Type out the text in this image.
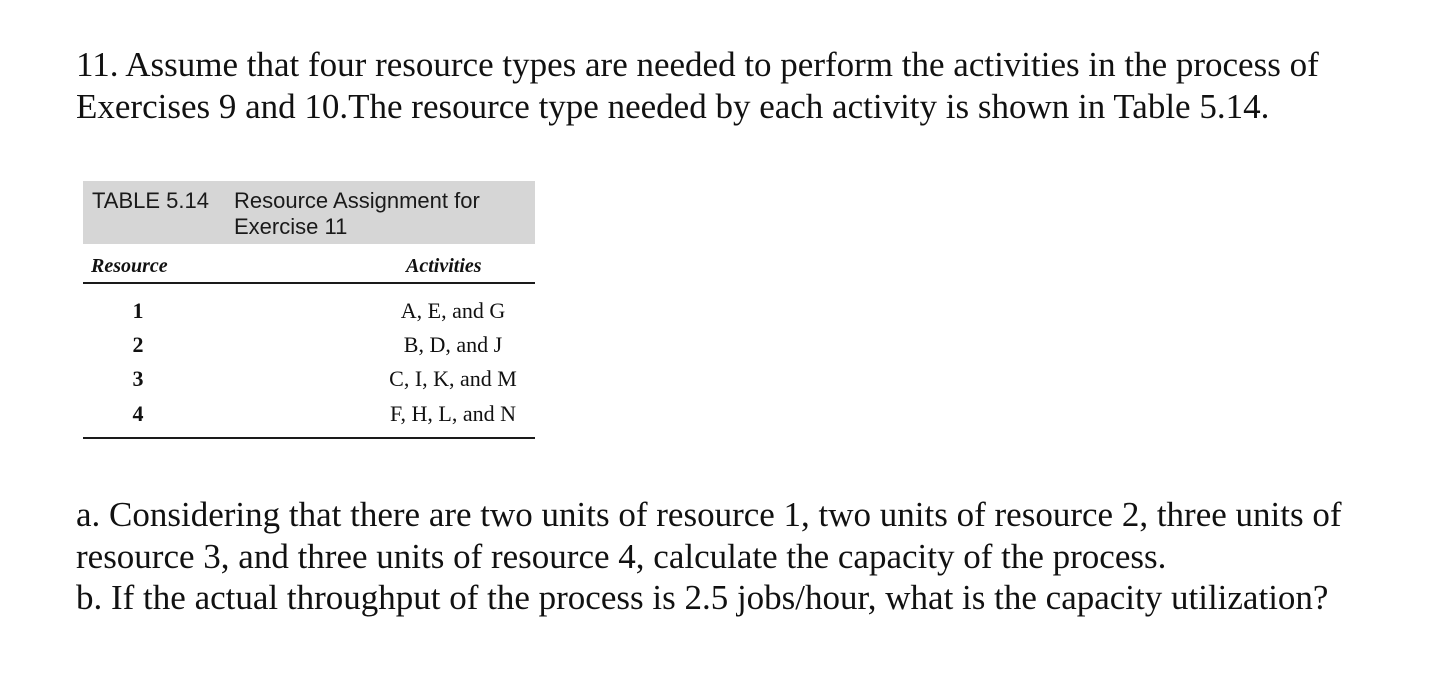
11. Assume that four resource types are needed to perform the activities in the process of Exercises 9 and 10.The resource type needed by each activity is shown in Table 5.14.

TABLE 5.14 Resource Assignment for Exercise 11
Resource	Activities
1	A, E, and G
2	B, D, and J
3	C, I, K, and M
4	F, H, L, and N
a. Considering that there are two units of resource 1, two units of resource 2, three units of resource 3, and three units of resource 4, calculate the capacity of the process.
b. If the actual throughput of the process is 2.5 jobs/hour, what is the capacity utilization?
